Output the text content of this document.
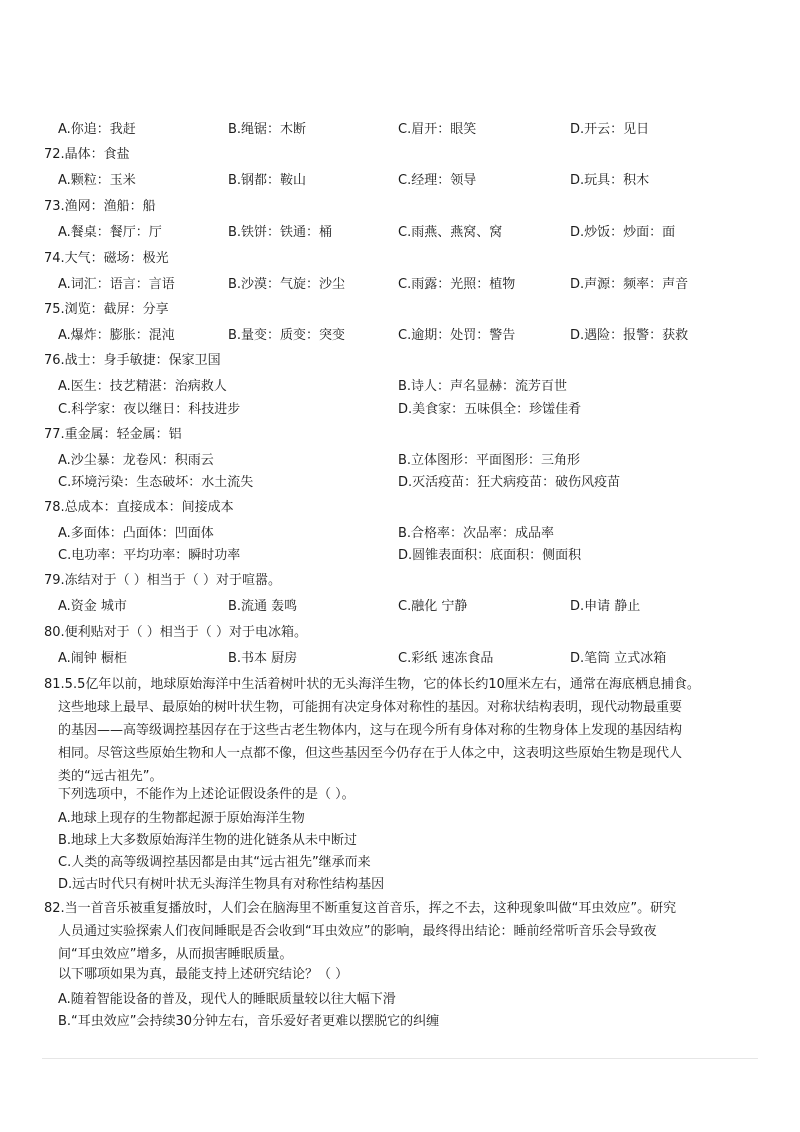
A.你追：我赶	B.绳锯：木断	C.眉开：眼笑	D.开云：见日
72.晶体：食盐
A.颗粒：玉米	B.钢都：鞍山	C.经理：领导	D.玩具：积木
73.渔网：渔船：船
A.餐桌：餐厅：厅	B.铁饼：铁通：桶	C.雨燕、燕窝、窝	D.炒饭：炒面：面
74.大气：磁场：极光
A.词汇：语言：言语	B.沙漠：气旋：沙尘	C.雨露：光照：植物	D.声源：频率：声音
75.浏览：截屏：分享
A.爆炸：膨胀：混沌	B.量变：质变：突变	C.逾期：处罚：警告	D.遇险：报警：获救
76.战士：身手敏捷：保家卫国
A.医生：技艺精湛：治病救人	B.诗人：声名显赫：流芳百世
C.科学家：夜以继日：科技进步	D.美食家：五味俱全：珍馐佳肴
77.重金属：轻金属：铝
A.沙尘暴：龙卷风：积雨云	B.立体图形：平面图形：三角形
C.环境污染：生态破坏：水土流失	D.灭活疫苗：狂犬病疫苗：破伤风疫苗
78.总成本：直接成本：间接成本
A.多面体：凸面体：凹面体	B.合格率：次品率：成品率
C.电功率：平均功率：瞬时功率	D.圆锥表面积：底面积：侧面积
79.冻结对于（ ）相当于（ ）对于喧嚣。
A.资金 城市	B.流通 轰鸣	C.融化 宁静	D.申请 静止
80.便利贴对于（ ）相当于（ ）对于电冰箱。
A.闹钟 橱柜	B.书本 厨房	C.彩纸 速冻食品	D.笔筒 立式冰箱
81.5.5亿年以前，地球原始海洋中生活着树叶状的无头海洋生物，它的体长约10厘米左右，通常在海底栖息捕食。
这些地球上最早、最原始的树叶状生物，可能拥有决定身体对称性的基因。对称状结构表明，现代动物最重要
的基因——高等级调控基因存在于这些古老生物体内，这与在现今所有身体对称的生物身体上发现的基因结构
相同。尽管这些原始生物和人一点都不像，但这些基因至今仍存在于人体之中，这表明这些原始生物是现代人
类的“远古祖先”。
下列选项中，不能作为上述论证假设条件的是（ ）。
A.地球上现存的生物都起源于原始海洋生物
B.地球上大多数原始海洋生物的进化链条从未中断过
C.人类的高等级调控基因都是由其“远古祖先”继承而来
D.远古时代只有树叶状无头海洋生物具有对称性结构基因
82.当一首音乐被重复播放时，人们会在脑海里不断重复这首音乐，挥之不去，这种现象叫做“耳虫效应”。研究
人员通过实验探索人们夜间睡眠是否会收到“耳虫效应”的影响，最终得出结论：睡前经常听音乐会导致夜
间“耳虫效应”增多，从而损害睡眠质量。
以下哪项如果为真，最能支持上述研究结论？（ ）
A.随着智能设备的普及，现代人的睡眠质量较以往大幅下滑
B.“耳虫效应”会持续30分钟左右，音乐爱好者更难以摆脱它的纠缠
